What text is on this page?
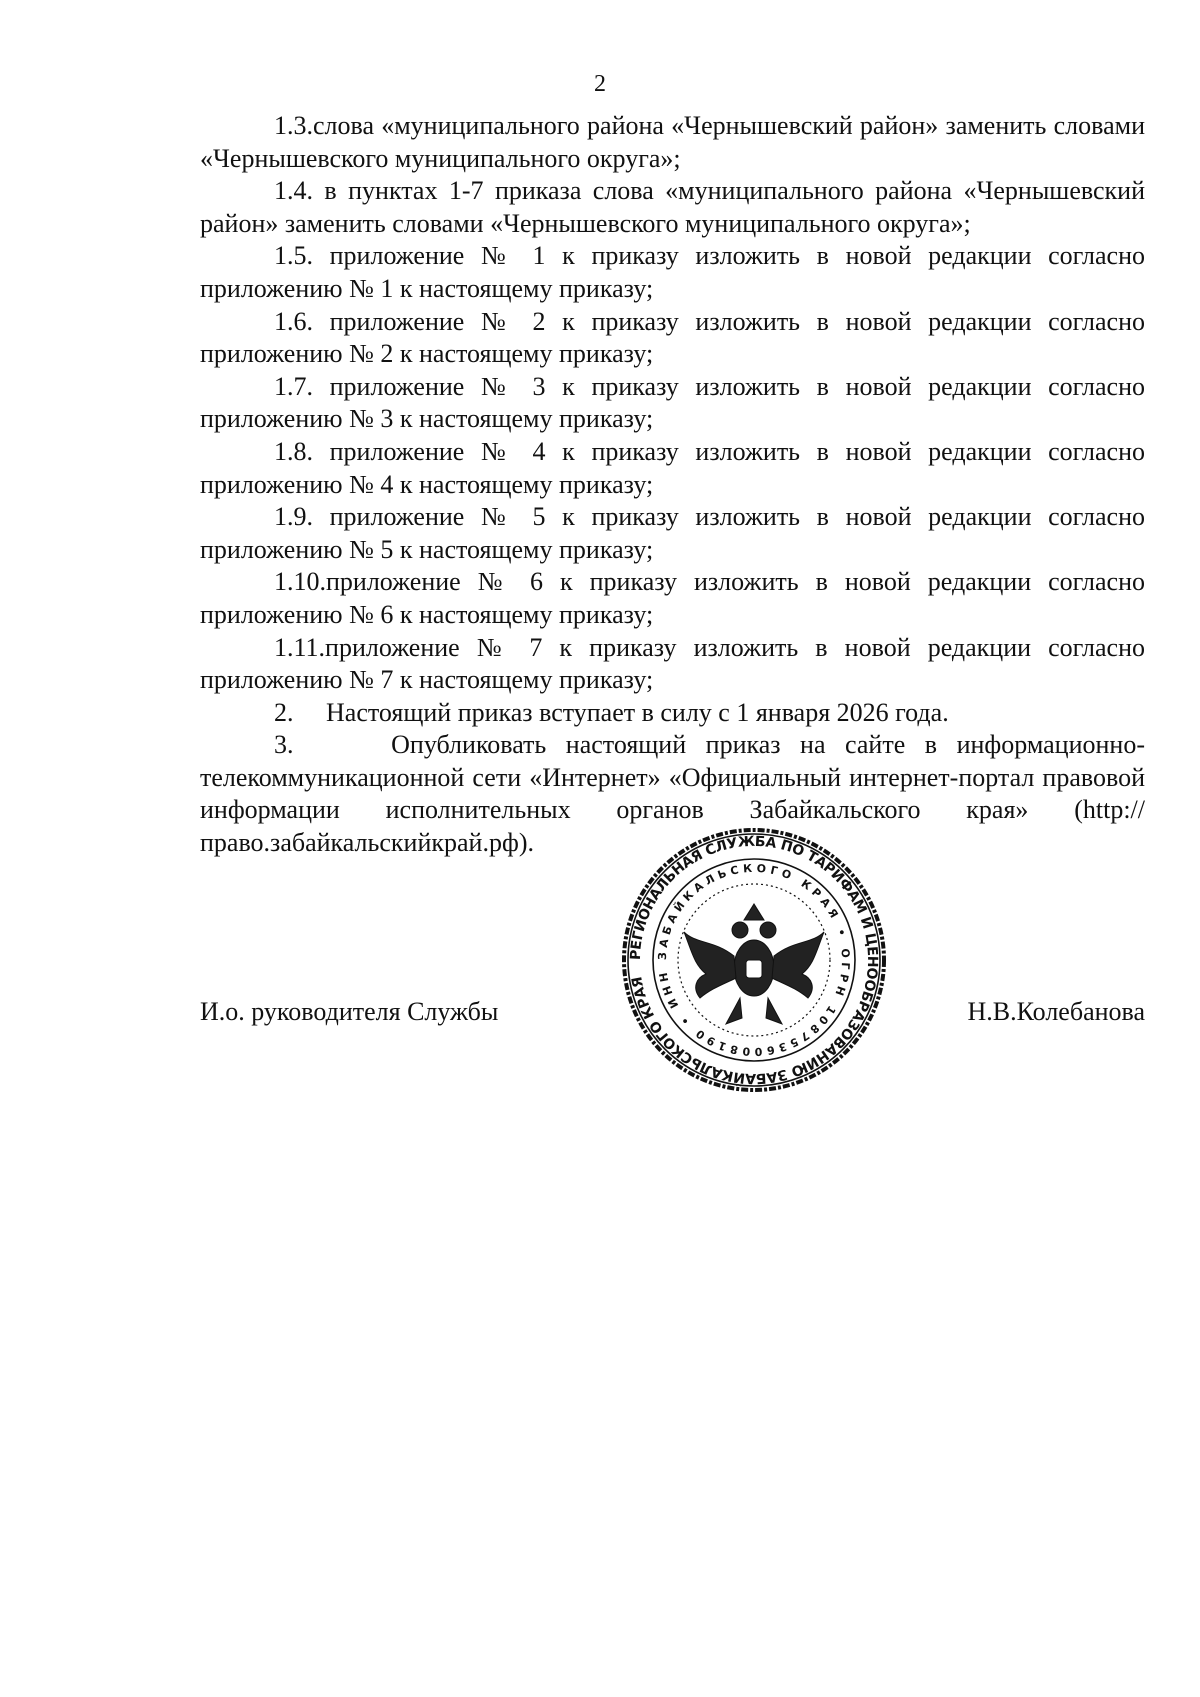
2

1.3.слова «муниципального района «Чернышевский район» заменить словами «Чернышевского муниципального округа»;

1.4. в пунктах 1-7 приказа слова «муниципального района «Чернышевский район» заменить словами «Чернышевского муниципального округа»;

1.5. приложение № 1 к приказу изложить в новой редакции согласно приложению № 1 к настоящему приказу;

1.6. приложение № 2 к приказу изложить в новой редакции согласно приложению № 2 к настоящему приказу;

1.7. приложение № 3 к приказу изложить в новой редакции согласно приложению № 3 к настоящему приказу;

1.8. приложение № 4 к приказу изложить в новой редакции согласно приложению № 4 к настоящему приказу;

1.9. приложение № 5 к приказу изложить в новой редакции согласно приложению № 5 к настоящему приказу;

1.10.приложение № 6 к приказу изложить в новой редакции согласно приложению № 6 к настоящему приказу;

1.11.приложение № 7 к приказу изложить в новой редакции согласно приложению № 7 к настоящему приказу;

2.     Настоящий приказ вступает в силу с 1 января 2026 года.

3.     Опубликовать настоящий приказ на сайте в информационно-телекоммуникационной сети «Интернет» «Официальный интернет-портал правовой информации исполнительных органов Забайкальского края» (http://право.забайкальскийкрай.рф).

И.о. руководителя Службы	Н.В.Колебанова
РЕГИОНАЛЬНАЯ СЛУЖБА ПО ТАРИФАМ И ЦЕНООБРАЗОВАНИЮ ЗАБАЙКАЛЬСКОГО КРАЯ
ЗАБАЙКАЛЬСКОГО КРАЯ • ОГРН 1087536008190 • ИНН
